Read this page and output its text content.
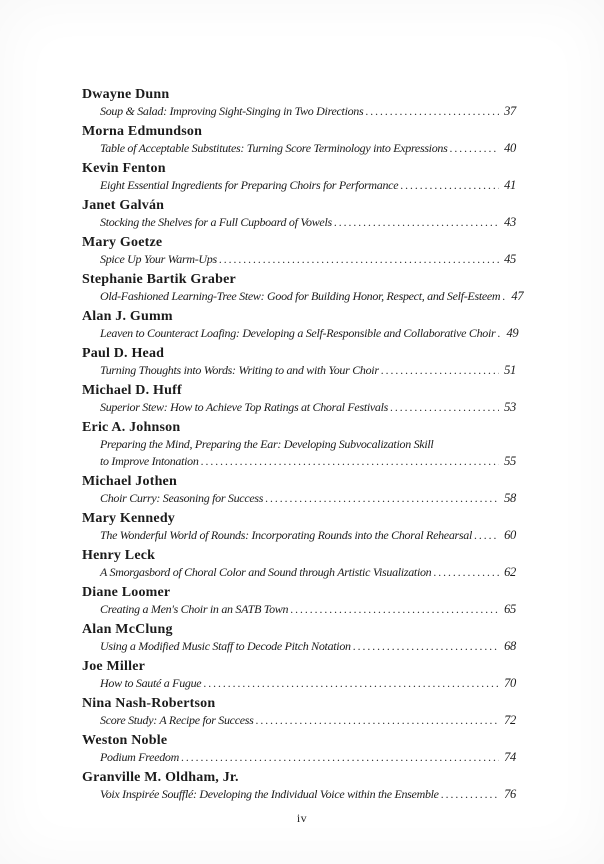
Dwayne Dunn
Soup & Salad: Improving Sight-Singing in Two Directions .....	37
Morna Edmundson
Table of Acceptable Substitutes: Turning Score Terminology into Expressions .....	40
Kevin Fenton
Eight Essential Ingredients for Preparing Choirs for Performance .....	41
Janet Galván
Stocking the Shelves for a Full Cupboard of Vowels .....	43
Mary Goetze
Spice Up Your Warm-Ups .....	45
Stephanie Bartik Graber
Old-Fashioned Learning-Tree Stew: Good for Building Honor, Respect, and Self-Esteem ..... 47
Alan J. Gumm
Leaven to Counteract Loafing: Developing a Self-Responsible and Collaborative Choir ..... 49
Paul D. Head
Turning Thoughts into Words: Writing to and with Your Choir .....	51
Michael D. Huff
Superior Stew: How to Achieve Top Ratings at Choral Festivals .....	53
Eric A. Johnson
Preparing the Mind, Preparing the Ear: Developing Subvocalization Skill
to Improve Intonation .....	55
Michael Jothen
Choir Curry: Seasoning for Success .....	58
Mary Kennedy
The Wonderful World of Rounds: Incorporating Rounds into the Choral Rehearsal .....	60
Henry Leck
A Smorgasbord of Choral Color and Sound through Artistic Visualization .....	62
Diane Loomer
Creating a Men's Choir in an SATB Town .....	65
Alan McClung
Using a Modified Music Staff to Decode Pitch Notation .....	68
Joe Miller
How to Sauté a Fugue .....	70
Nina Nash-Robertson
Score Study: A Recipe for Success .....	72
Weston Noble
Podium Freedom .....	74
Granville M. Oldham, Jr.
Voix Inspirée Soufflé: Developing the Individual Voice within the Ensemble .....	76
iv
